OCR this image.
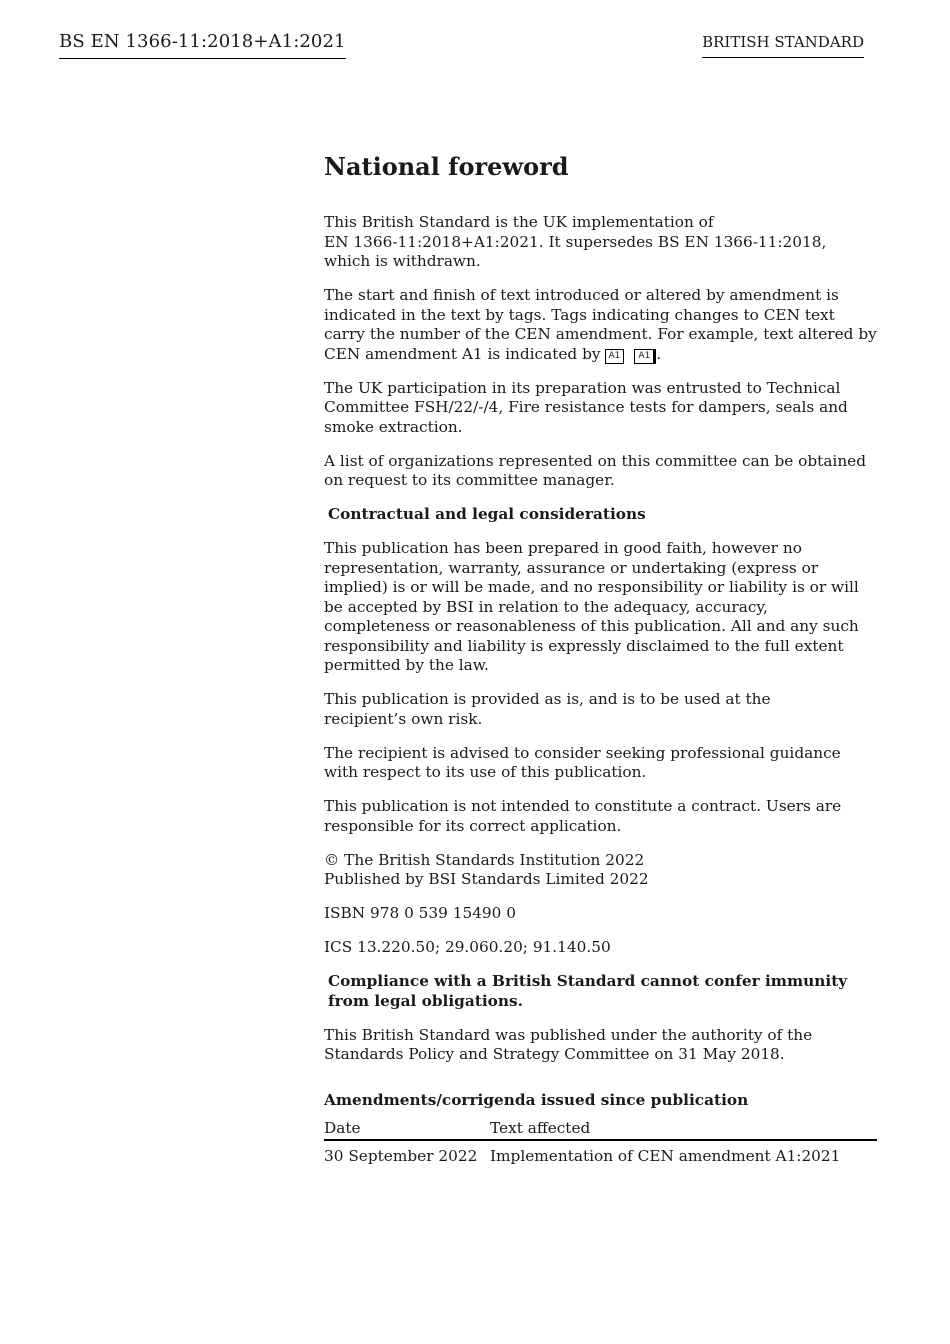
BS EN 1366-11:2018+A1:2021	BRITISH STANDARD
National foreword

This British Standard is the UK implementation of
EN 1366-11:2018+A1:2021. It supersedes BS EN 1366-11:2018, which is withdrawn.

The start and finish of text introduced or altered by amendment is indicated in the text by tags. Tags indicating changes to CEN text carry the number of the CEN amendment. For example, text altered by CEN amendment A1 is indicated by A1 A1 .

The UK participation in its preparation was entrusted to Technical Committee FSH/22/-/4, Fire resistance tests for dampers, seals and smoke extraction.

A list of organizations represented on this committee can be obtained on request to its committee manager.

Contractual and legal considerations

This publication has been prepared in good faith, however no representation, warranty, assurance or undertaking (express or implied) is or will be made, and no responsibility or liability is or will be accepted by BSI in relation to the adequacy, accuracy, completeness or reasonableness of this publication. All and any such responsibility and liability is expressly disclaimed to the full extent permitted by the law.

This publication is provided as is, and is to be used at the
recipient’s own risk.

The recipient is advised to consider seeking professional guidance with respect to its use of this publication.

This publication is not intended to constitute a contract. Users are responsible for its correct application.

© The British Standards Institution 2022
Published by BSI Standards Limited 2022

ISBN 978 0 539 15490 0

ICS 13.220.50; 29.060.20; 91.140.50

Compliance with a British Standard cannot confer immunity from legal obligations.

This British Standard was published under the authority of the Standards Policy and Strategy Committee on 31 May 2018.

Amendments/corrigenda issued since publication
Date	Text affected
30 September 2022	Implementation of CEN amendment A1:2021
